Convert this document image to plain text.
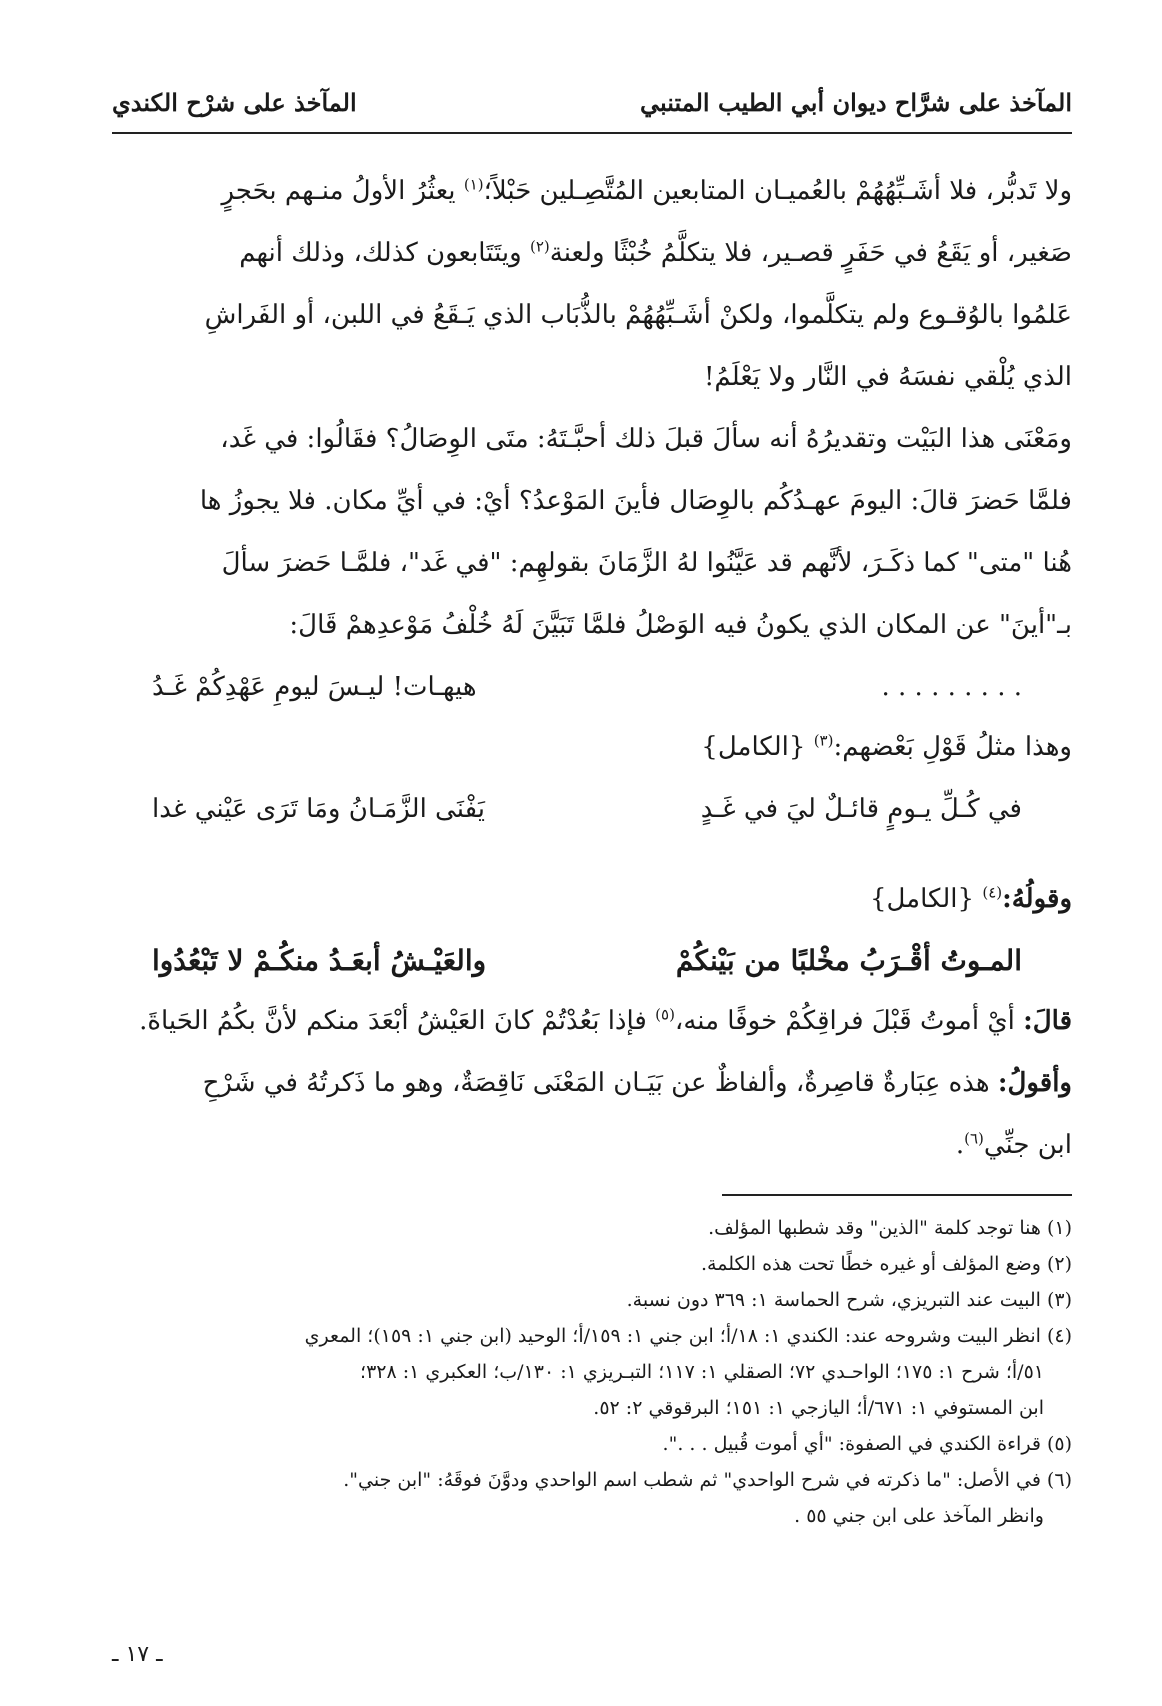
المآخذ على شرَّاح ديوان أبي الطيب المتنبي
المآخذ على شرْح الكندي

ولا تَدبُّر، فلا أشَـبِّهُهُمْ بالعُميـان المتابعين المُتَّصِـلين حَبْلاً؛$^{(١)}$ يعثُرُ الأولُ منـهم بحَجرٍ

صَغير، أو يَقَعُ في حَفَرٍ قصـير، فلا يتكلَّمُ خُبْثًا ولعنة$^{(٢)}$ ويتَتَابعون كذلك، وذلك أنهم

عَلمُوا بالوُقـوع ولم يتكلَّموا، ولكنْ أشَـبِّهُهُمْ بالذُّبَاب الذي يَـقَعُ في اللبن، أو الفَراشِ

الذي يُلْقي نفسَهُ في النَّار ولا يَعْلَمُ!

ومَعْنَى هذا البَيْت وتقديرُهُ أنه سألَ قبلَ ذلك أحبَّـتَهُ: متَى الوِصَالُ؟ فقَالُوا: في غَد،

فلمَّا حَضرَ قالَ: اليومَ عهـدُكُم بالوِصَال فأينَ المَوْعدُ؟ أيْ: في أيِّ مكان. فلا يجوزُ ها

هُنا "متى" كما ذكَـرَ، لأنَّهم قد عَيَّنُوا لهُ الزَّمَانَ بقولهِم: "في غَد"، فلمَّـا حَضرَ سألَ

بـ"أينَ" عن المكان الذي يكونُ فيه الوَصْلُ فلمَّا تَبَيَّنَ لَهُ خُلْفُ مَوْعدِهمْ قَالَ:

. . . . . . . . .
هيهـات! ليـسَ ليومِ عَهْدِكُمْ غَـدُ

وهذا مثلُ قَوْلِ بَعْضهم:$^{(٣)}$ {الكامل}

في كُـلِّ يـومٍ قائـلٌ ليَ في غَـدٍ
يَفْنَى الزَّمَـانُ ومَا تَرَى عَيْني غدا

وقولُهُ:$^{(٤)}$ {الكامل}

المـوتُ أقْـرَبُ مخْلبًا من بَيْنكُمْ
والعَيْـشُ أبعَـدُ منكُـمْ لا تَبْعُدُوا

قالَ: أيْ أموتُ قَبْلَ فراقِكُمْ خوفًا منه،$^{(٥)}$ فإذا بَعُدْتُمْ كانَ العَيْشُ أبْعَدَ منكم لأنَّ بكُمُ الحَياةَ.

وأقولُ: هذه عِبَارةٌ قاصِرةٌ، وألفاظٌ عن بَيَـان المَعْنَى نَاقِصَةٌ، وهو ما ذَكرتُهُ في شَرْحِ

ابن جنِّي$^{(٦)}$.

(١) هنا توجد كلمة "الذين" وقد شطبها المؤلف.

(٢) وضع المؤلف أو غيره خطًا تحت هذه الكلمة.

(٣) البيت عند التبريزي، شرح الحماسة ١: ٣٦٩ دون نسبة.

(٤) انظر البيت وشروحه عند: الكندي ١: ١٨/أ؛ ابن جني ١: ١٥٩/أ؛ الوحيد (ابن جني ١: ١٥٩)؛ المعري

٥١/أ؛ شرح ١: ١٧٥؛ الواحـدي ٧٢؛ الصقلي ١: ١١٧؛ التبـريزي ١: ١٣٠/ب؛ العكبري ١: ٣٢٨؛

ابن المستوفي ١: ٦٧١/أ؛ اليازجي ١: ١٥١؛ البرقوقي ٢: ٥٢.

(٥) قراءة الكندي في الصفوة: "أي أموت قُبيل . . .".

(٦) في الأصل: "ما ذكرته في شرح الواحدي" ثم شطب اسم الواحدي ودوَّنَ فوقَهُ: "ابن جني".

وانظر المآخذ على ابن جني ٥٥ .

ـ ١٧ ـ
